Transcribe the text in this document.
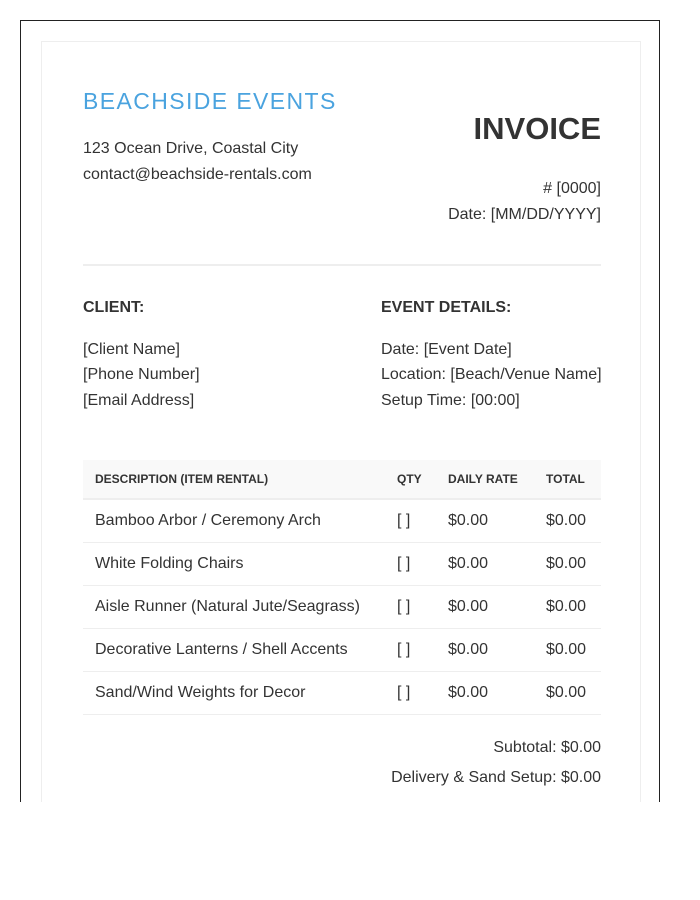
BEACHSIDE EVENTS
123 Ocean Drive, Coastal City
contact@beachside-rentals.com
INVOICE
# [0000]
Date: [MM/DD/YYYY]
CLIENT:
[Client Name]
[Phone Number]
[Email Address]
EVENT DETAILS:
Date: [Event Date]
Location: [Beach/Venue Name]
Setup Time: [00:00]
DESCRIPTION (ITEM RENTAL)	QTY DAILY RATE TOTAL
Bamboo Arbor / Ceremony Arch	[ ] $0.00	$0.00
White Folding Chairs	[ ] $0.00	$0.00
Aisle Runner (Natural Jute/Seagrass) [ ] $0.00	$0.00
Decorative Lanterns / Shell Accents	[ ] $0.00	$0.00
Sand/Wind Weights for Decor	[ ] $0.00	$0.00
Subtotal: $0.00
Delivery & Sand Setup: $0.00
